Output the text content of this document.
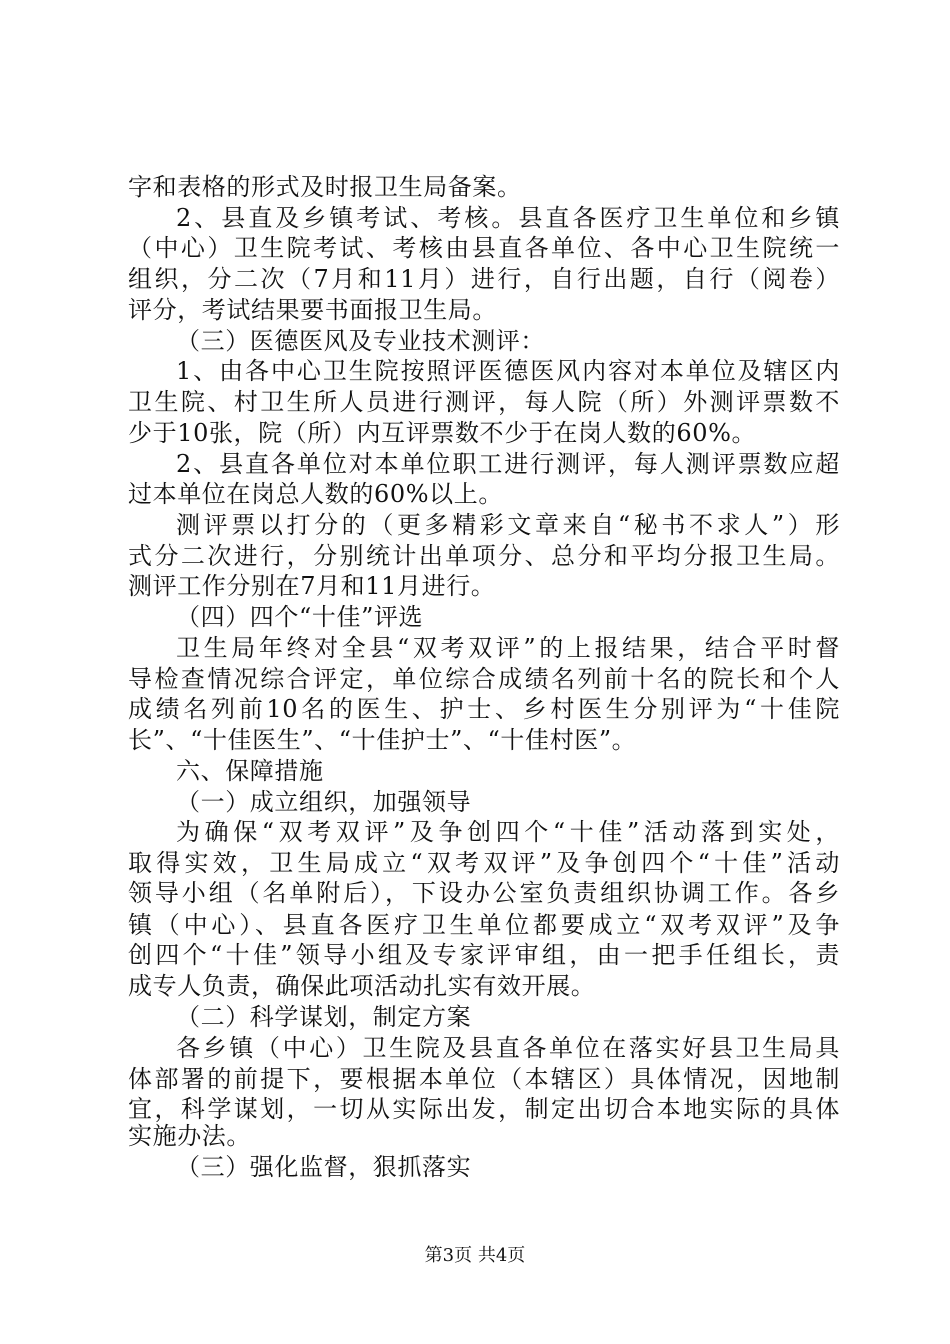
字和表格的形式及时报卫生局备案。
2、县直及乡镇考试、考核。县直各医疗卫生单位和乡镇
（中心）卫生院考试、考核由县直各单位、各中心卫生院统一
组织，分二次（7月和11月）进行，自行出题，自行（阅卷）
评分，考试结果要书面报卫生局。
（三）医德医风及专业技术测评：
1、由各中心卫生院按照评医德医风内容对本单位及辖区内
卫生院、村卫生所人员进行测评，每人院（所）外测评票数不
少于10张，院（所）内互评票数不少于在岗人数的60%。
2、县直各单位对本单位职工进行测评，每人测评票数应超
过本单位在岗总人数的60%以上。
测评票以打分的（更多精彩文章来自“秘书不求人”）形
式分二次进行，分别统计出单项分、总分和平均分报卫生局。
测评工作分别在7月和11月进行。
（四）四个“十佳”评选
卫生局年终对全县“双考双评”的上报结果，结合平时督
导检查情况综合评定，单位综合成绩名列前十名的院长和个人
成绩名列前10名的医生、护士、乡村医生分别评为“十佳院
长”、“十佳医生”、“十佳护士”、“十佳村医”。
六、保障措施
（一）成立组织，加强领导
为确保“双考双评”及争创四个“十佳”活动落到实处，
取得实效，卫生局成立“双考双评”及争创四个“十佳”活动
领导小组（名单附后），下设办公室负责组织协调工作。各乡
镇（中心）、县直各医疗卫生单位都要成立“双考双评”及争
创四个“十佳”领导小组及专家评审组，由一把手任组长，责
成专人负责，确保此项活动扎实有效开展。
（二）科学谋划，制定方案
各乡镇（中心）卫生院及县直各单位在落实好县卫生局具
体部署的前提下，要根据本单位（本辖区）具体情况，因地制
宜，科学谋划，一切从实际出发，制定出切合本地实际的具体
实施办法。
（三）强化监督，狠抓落实
第3页 共4页
